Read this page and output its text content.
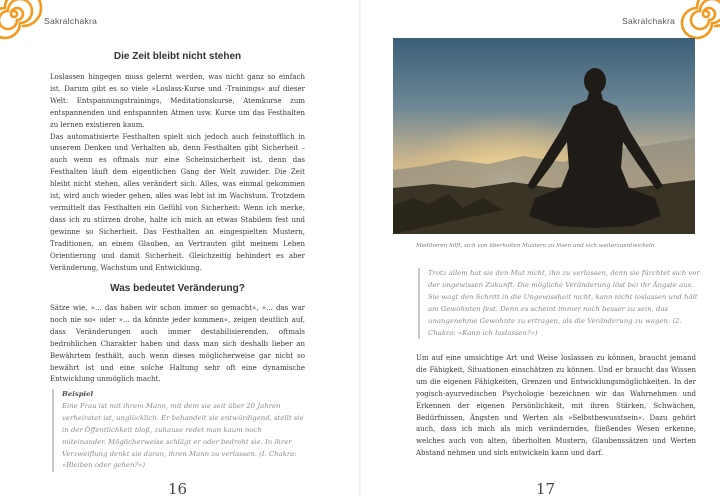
Sakralchakra
Die Zeit bleibt nicht stehen

Loslassen hingegen muss gelernt werden, was nicht ganz so einfach ist. Darum gibt es so viele »Loslass-Kurse und -Trainings« auf dieser Welt: Entspannungstrainings, Meditationskurse, Atemkurse zum entspannenden und entspannten Atmen usw. Kurse um das Festhalten zu lernen existieren kaum.

Das automatisierte Festhalten spielt sich jedoch auch feinstofflich in unserem Denken und Verhalten ab, denn Festhalten gibt Sicherheit – auch wenn es oftmals nur eine Scheinsicherheit ist, denn das Festhalten läuft dem eigentlichen Gang der Welt zuwider. Die Zeit bleibt nicht stehen, alles verändert sich. Alles, was einmal gekommen ist, wird auch wieder gehen, alles was lebt ist im Wachstum. Trotzdem vermittelt das Festhalten ein Gefühl von Sicherheit: Wenn ich merke, dass ich zu stürzen drohe, halte ich mich an etwas Stabilem fest und gewinne so Sicherheit. Das Festhalten an eingespielten Mustern, Traditionen, an einem Glauben, an Vertrauten gibt meinem Leben Orientierung und damit Sicherheit. Gleichzeitig behindert es aber Veränderung, Wachstum und Entwicklung.

Was bedeutet Veränderung?

Sätze wie, »... das haben wir schon immer so gemacht«, »... das war noch nie so« oder »... da könnte jeder kommen«, zeigen deutlich auf, dass Veränderungen auch immer destabilisierenden, oftmals bedrohlichen Charakter haben und dass man sich deshalb lieber an Bewährtem festhält, auch wenn dieses möglicherweise gar nicht so bewährt ist und eine solche Haltung sehr oft eine dynamische Entwicklung unmöglich macht.

Beispiel
Eine Frau ist mit ihrem Mann, mit dem sie seit über 20 Jahren verheiratet ist, unglücklich. Er behandelt sie entwürdigend, stellt sie in der Öffentlichkeit bloß, zuhause redet man kaum noch miteinander. Möglicherweise schlägt er oder bedroht sie. In ihrer Verzweiflung denkt sie daran, ihren Mann zu verlassen. (I. Chakra: »Bleiben oder gehen?«)
16
Sakralchakra
17
Meditieren hilft, sich von überholten Mustern zu lösen und sich weiterzuentwickeln.
Trotz allem hat sie den Mut nicht, ihn zu verlassen, denn sie fürchtet sich vor der ungewissen Zukunft. Die mögliche Veränderung löst bei ihr Ängste aus. Sie wagt den Schritt in die Ungewissheit nicht, kann nicht loslassen und hält am Gewohnten fest. Denn es scheint immer noch besser zu sein, das unangenehme Gewohnte zu ertragen, als die Veränderung zu wagen. (2. Chakra: »Kann ich loslassen?«)

Um auf eine umsichtige Art und Weise loslassen zu können, braucht jemand die Fähigkeit, Situationen einschätzen zu können. Und er braucht das Wissen um die eigenen Fähigkeiten, Grenzen und Entwicklungsmöglichkeiten. In der yogisch-ayurvedischen Psychologie bezeichnen wir das Wahrnehmen und Erkennen der eigenen Persönlichkeit, mit ihren Stärken, Schwächen, Bedürfnissen, Ängsten und Werten als »Selbstbewusstsein«. Dazu gehört auch, dass ich mich als mich veränderndes, fließendes Wesen erkenne, welches auch von alten, überholten Mustern, Glaubenssätzen und Werten Abstand nehmen und sich entwickeln kann und darf.
